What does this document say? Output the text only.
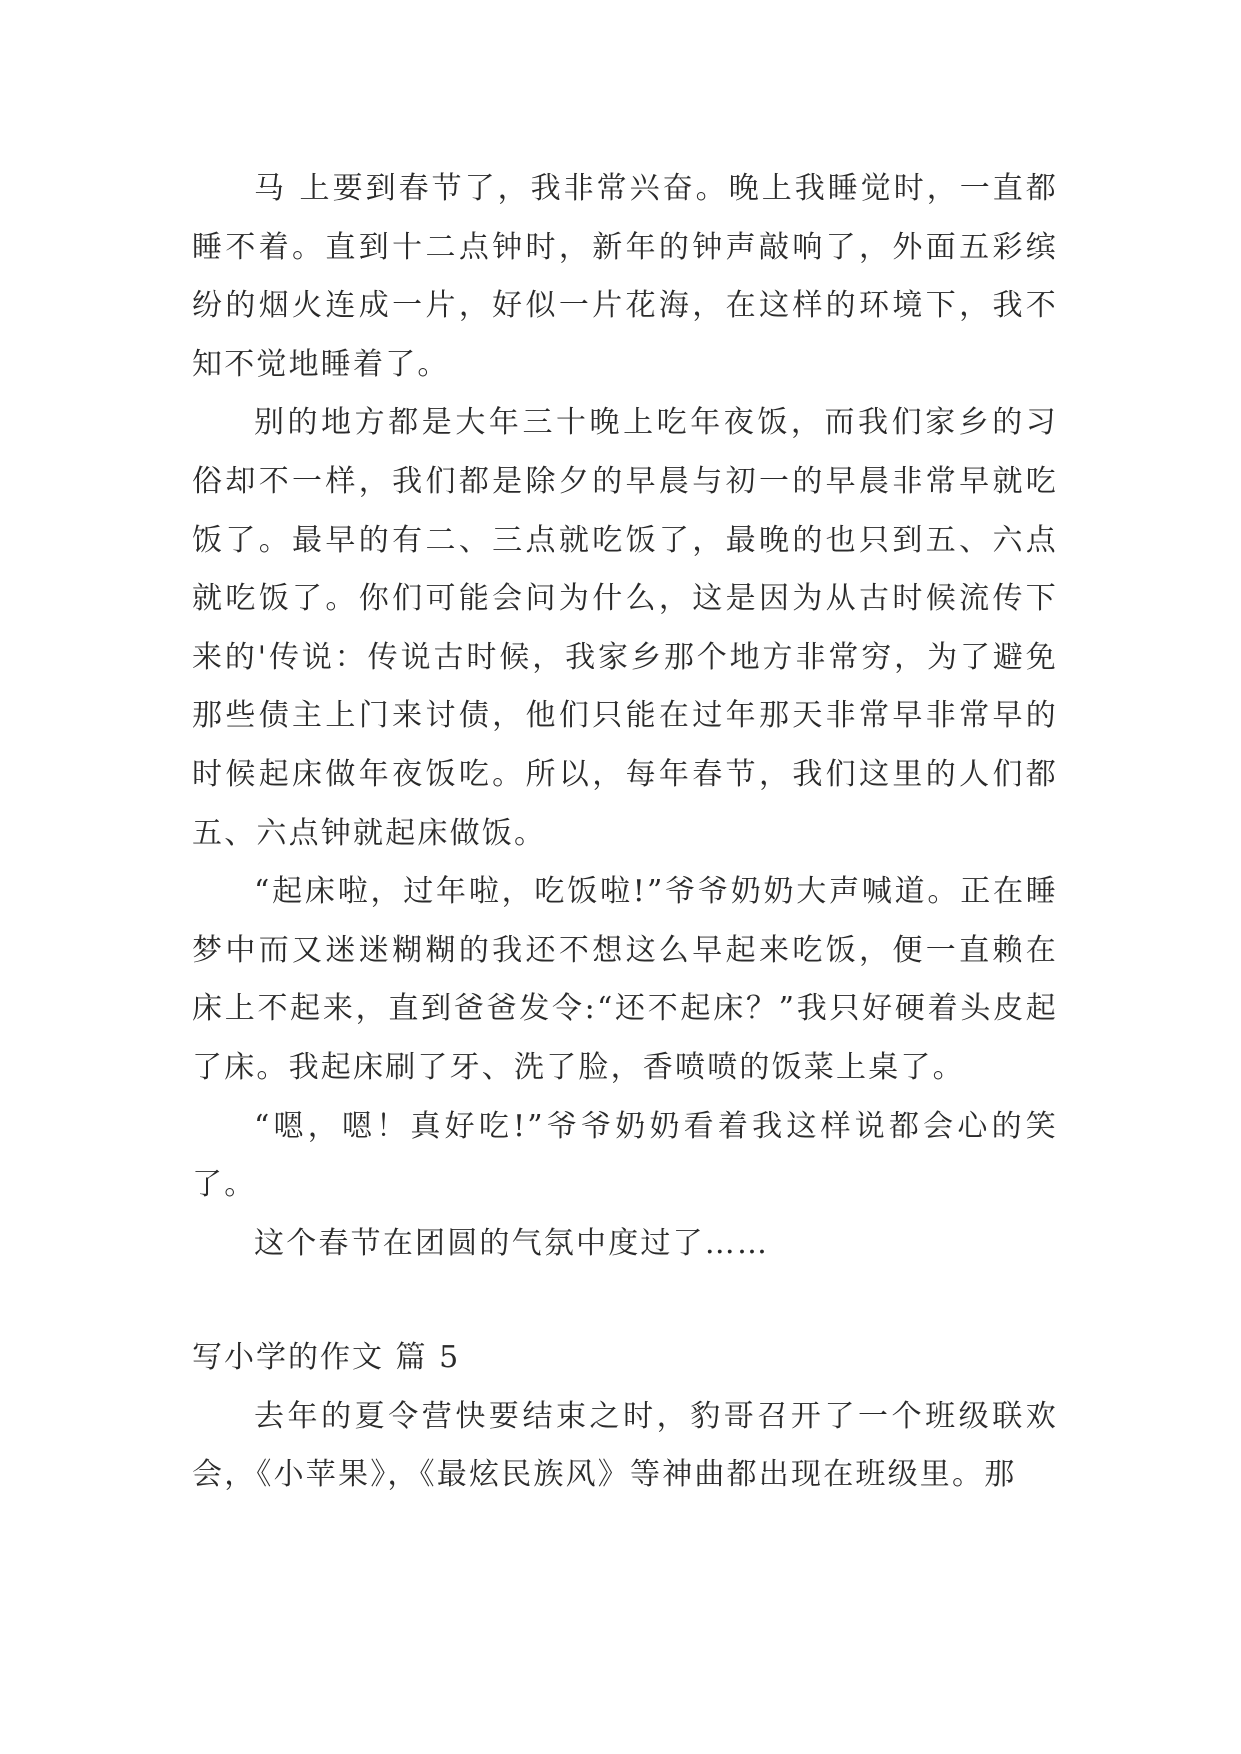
马 上要到春节了，我非常兴奋。晚上我睡觉时，一直都睡不着。直到十二点钟时，新年的钟声敲响了，外面五彩缤纷的烟火连成一片，好似一片花海，在这样的环境下，我不知不觉地睡着了。

别的地方都是大年三十晚上吃年夜饭，而我们家乡的习俗却不一样，我们都是除夕的早晨与初一的早晨非常早就吃饭了。最早的有二、三点就吃饭了，最晚的也只到五、六点就吃饭了。你们可能会问为什么，这是因为从古时候流传下来的'传说：传说古时候，我家乡那个地方非常穷，为了避免那些债主上门来讨债，他们只能在过年那天非常早非常早的时候起床做年夜饭吃。所以，每年春节，我们这里的人们都五、六点钟就起床做饭。

“起床啦，过年啦，吃饭啦!”爷爷奶奶大声喊道。正在睡梦中而又迷迷糊糊的我还不想这么早起来吃饭，便一直赖在床上不起来，直到爸爸发令:“还不起床？”我只好硬着头皮起了床。我起床刷了牙、洗了脸，香喷喷的饭菜上桌了。

“嗯，嗯！真好吃!”爷爷奶奶看着我这样说都会心的笑了。

这个春节在团圆的气氛中度过了……

写小学的作文 篇 5

去年的夏令营快要结束之时，豹哥召开了一个班级联欢会，《小苹果》，《最炫民族风》等神曲都出现在班级里。那
